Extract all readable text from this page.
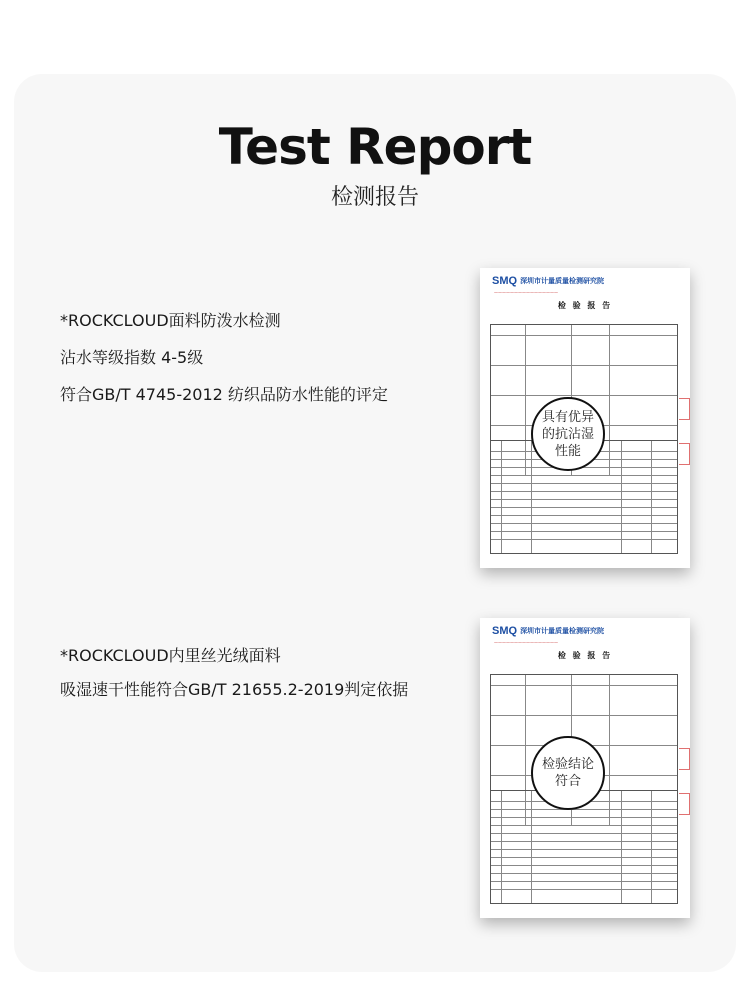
Test Report
检测报告
*ROCKCLOUD面料防泼水检测
沾水等级指数 4-5级
符合GB/T 4745-2012 纺织品防水性能的评定
*ROCKCLOUD内里丝光绒面料
吸湿速干性能符合GB/T 21655.2-2019判定依据
SMQ 深圳市计量质量检测研究院
————————————————
检 验 报 告
具有优异
的抗沾湿
性能
SMQ 深圳市计量质量检测研究院
————————————————
检 验 报 告
检验结论
符合
